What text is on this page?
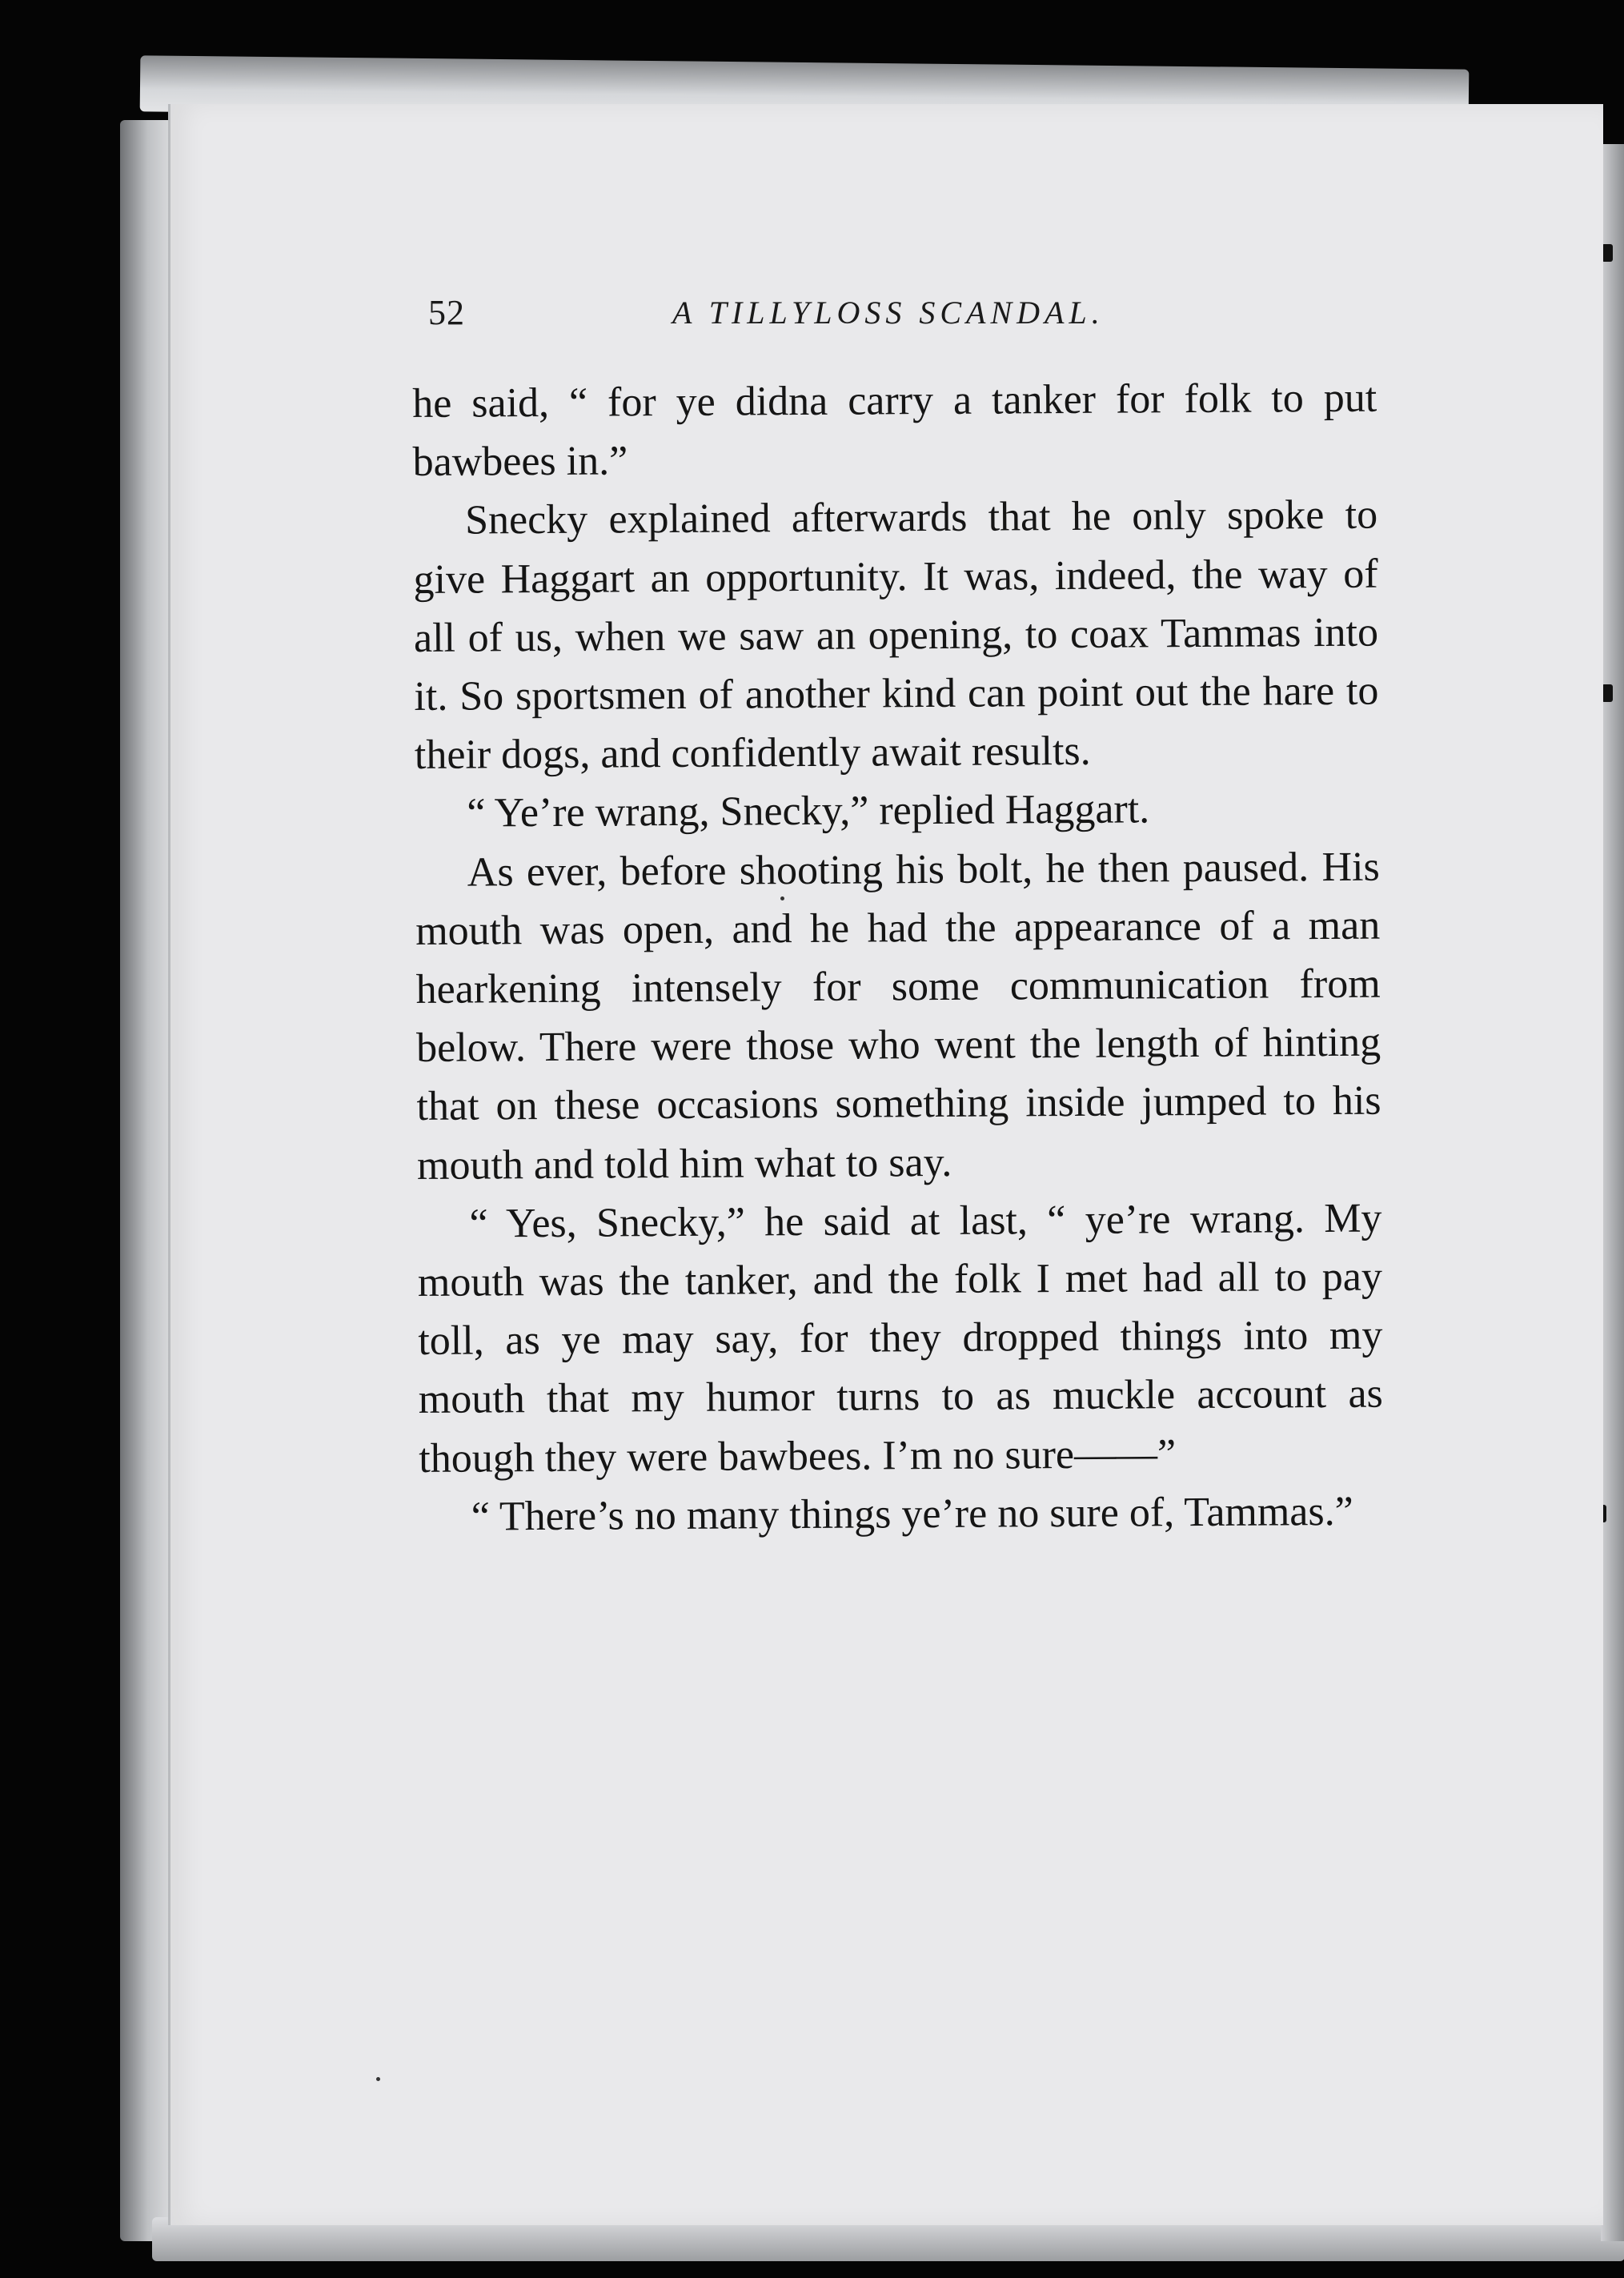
52	A TILLYLOSS SCANDAL.

he said, “ for ye didna carry a tanker for folk to put bawbees in.”

Snecky explained afterwards that he only spoke to give Haggart an opportunity. It was, indeed, the way of all of us, when we saw an opening, to coax Tammas into it. So sportsmen of another kind can point out the hare to their dogs, and confidently await results.

“ Ye’re wrang, Snecky,” replied Haggart.

As ever, before shooting his bolt, he then paused. His mouth was open, and he had the appearance of a man hearkening intensely for some communication from below. There were those who went the length of hinting that on these occasions something inside jumped to his mouth and told him what to say.

“ Yes, Snecky,” he said at last, “ ye’re wrang. My mouth was the tanker, and the folk I met had all to pay toll, as ye may say, for they dropped things into my mouth that my humor turns to as muckle account as though they were bawbees. I’m no sure——”

“ There’s no many things ye’re no sure of, Tammas.”
